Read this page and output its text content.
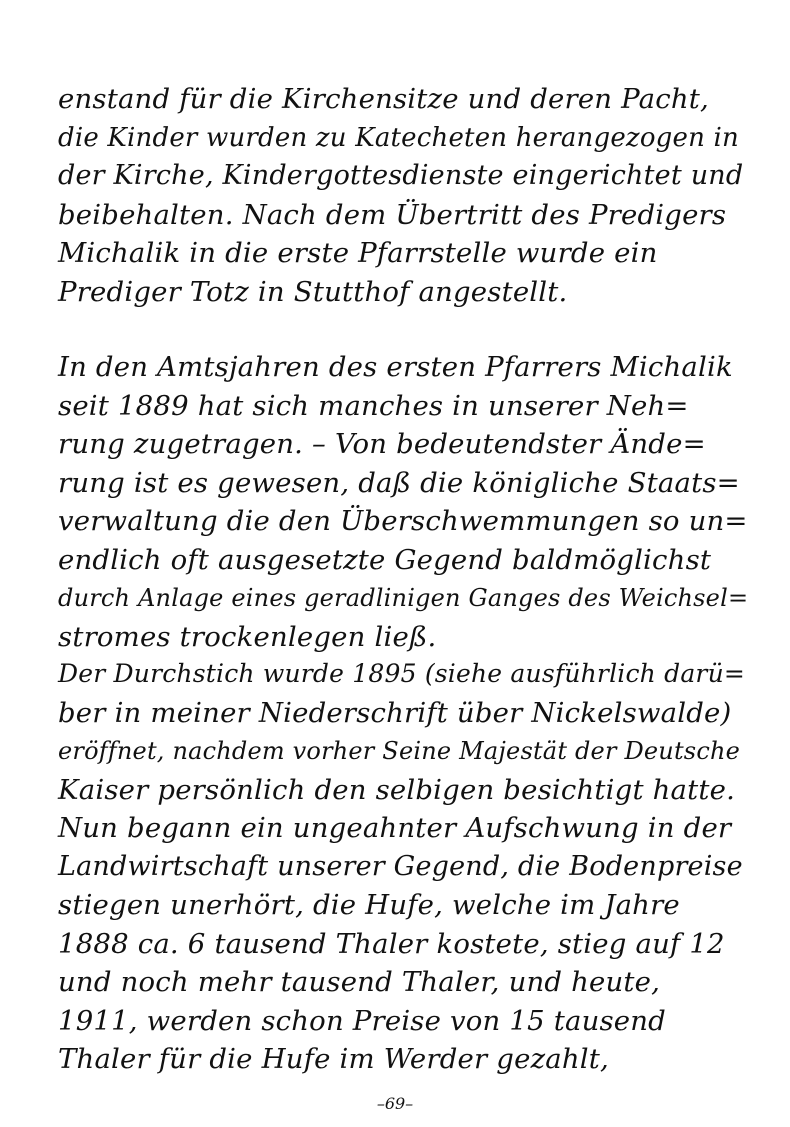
enstand für die Kirchensitze und deren Pacht,
die Kinder wurden zu Katecheten herangezogen in
der Kirche, Kindergottesdienste eingerichtet und
beibehalten. Nach dem Übertritt des Predigers
Michalik in die erste Pfarrstelle wurde ein
Prediger Totz in Stutthof angestellt.
In den Amtsjahren des ersten Pfarrers Michalik
seit 1889 hat sich manches in unserer Neh=
rung zugetragen. – Von bedeutendster Ände=
rung ist es gewesen, daß die königliche Staats=
verwaltung die den Überschwemmungen so un=
endlich oft ausgesetzte Gegend baldmöglichst
durch Anlage eines geradlinigen Ganges des Weichsel=
stromes trockenlegen ließ.
Der Durchstich wurde 1895 (siehe ausführlich darü=
ber in meiner Niederschrift über Nickelswalde)
eröffnet, nachdem vorher Seine Majestät der Deutsche
Kaiser persönlich den selbigen besichtigt hatte.
Nun begann ein ungeahnter Aufschwung in der
Landwirtschaft unserer Gegend, die Bodenpreise
stiegen unerhört, die Hufe, welche im Jahre
1888 ca. 6 tausend Thaler kostete, stieg auf 12
und noch mehr tausend Thaler, und heute,
1911, werden schon Preise von 15 tausend
Thaler für die Hufe im Werder gezahlt,
–69–
